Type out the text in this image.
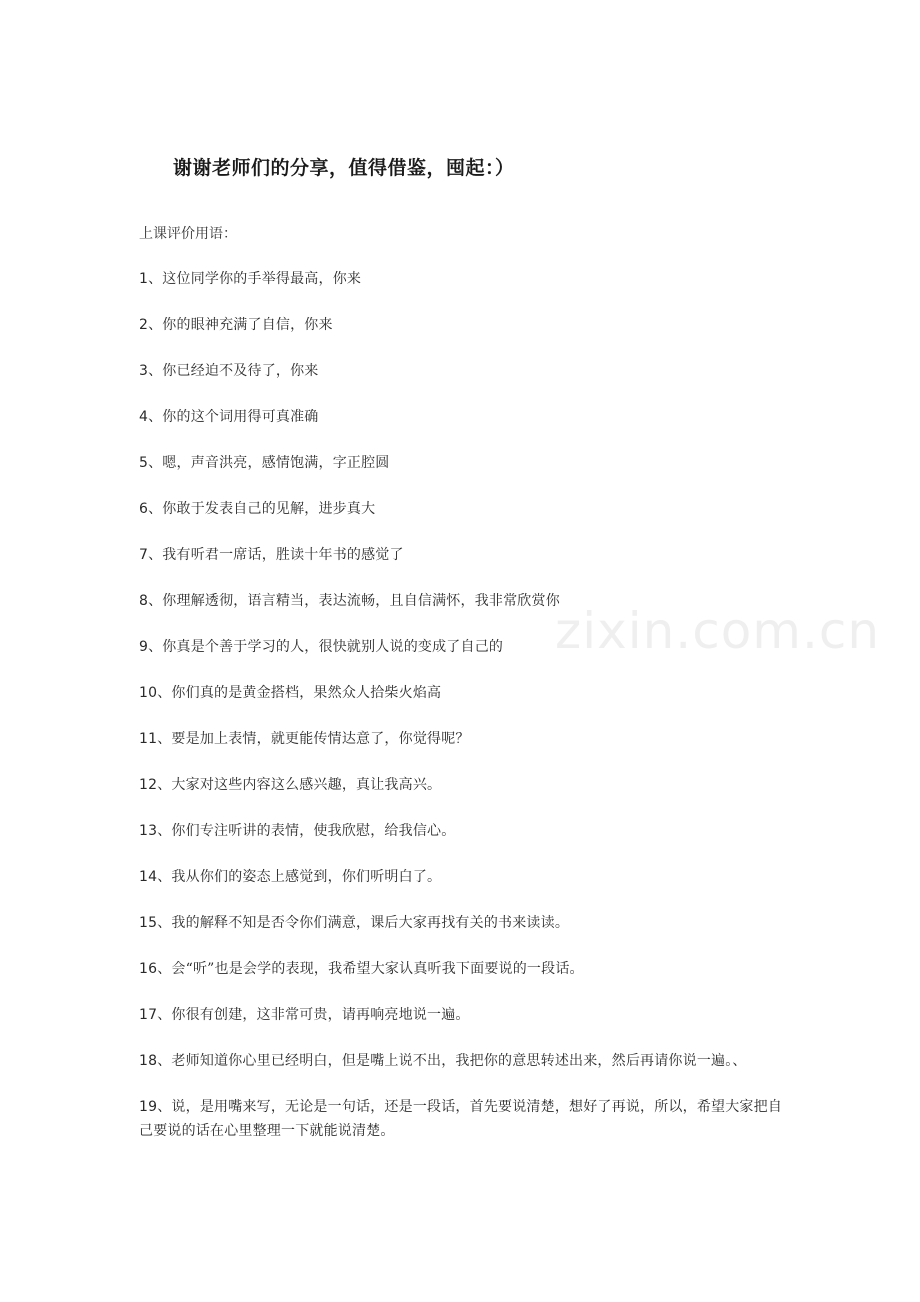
谢谢老师们的分享，值得借鉴，囤起：）
上课评价用语：
1、这位同学你的手举得最高，你来
2、你的眼神充满了自信，你来
3、你已经迫不及待了，你来
4、你的这个词用得可真准确
5、嗯，声音洪亮，感情饱满，字正腔圆
6、你敢于发表自己的见解，进步真大
7、我有听君一席话，胜读十年书的感觉了
8、你理解透彻，语言精当，表达流畅，且自信满怀，我非常欣赏你
9、你真是个善于学习的人，很快就别人说的变成了自己的
10、你们真的是黄金搭档，果然众人拾柴火焰高
11、要是加上表情，就更能传情达意了，你觉得呢？
12、大家对这些内容这么感兴趣，真让我高兴。
13、你们专注听讲的表情，使我欣慰，给我信心。
14、我从你们的姿态上感觉到，你们听明白了。
15、我的解释不知是否令你们满意，课后大家再找有关的书来读读。
16、会“听”也是会学的表现，我希望大家认真听我下面要说的一段话。
17、你很有创建，这非常可贵，请再响亮地说一遍。
18、老师知道你心里已经明白，但是嘴上说不出，我把你的意思转述出来，然后再请你说一遍。、
19、说，是用嘴来写，无论是一句话，还是一段话，首先要说清楚，想好了再说，所以，希望大家把自己要说的话在心里整理一下就能说清楚。
zixin.com.cn
